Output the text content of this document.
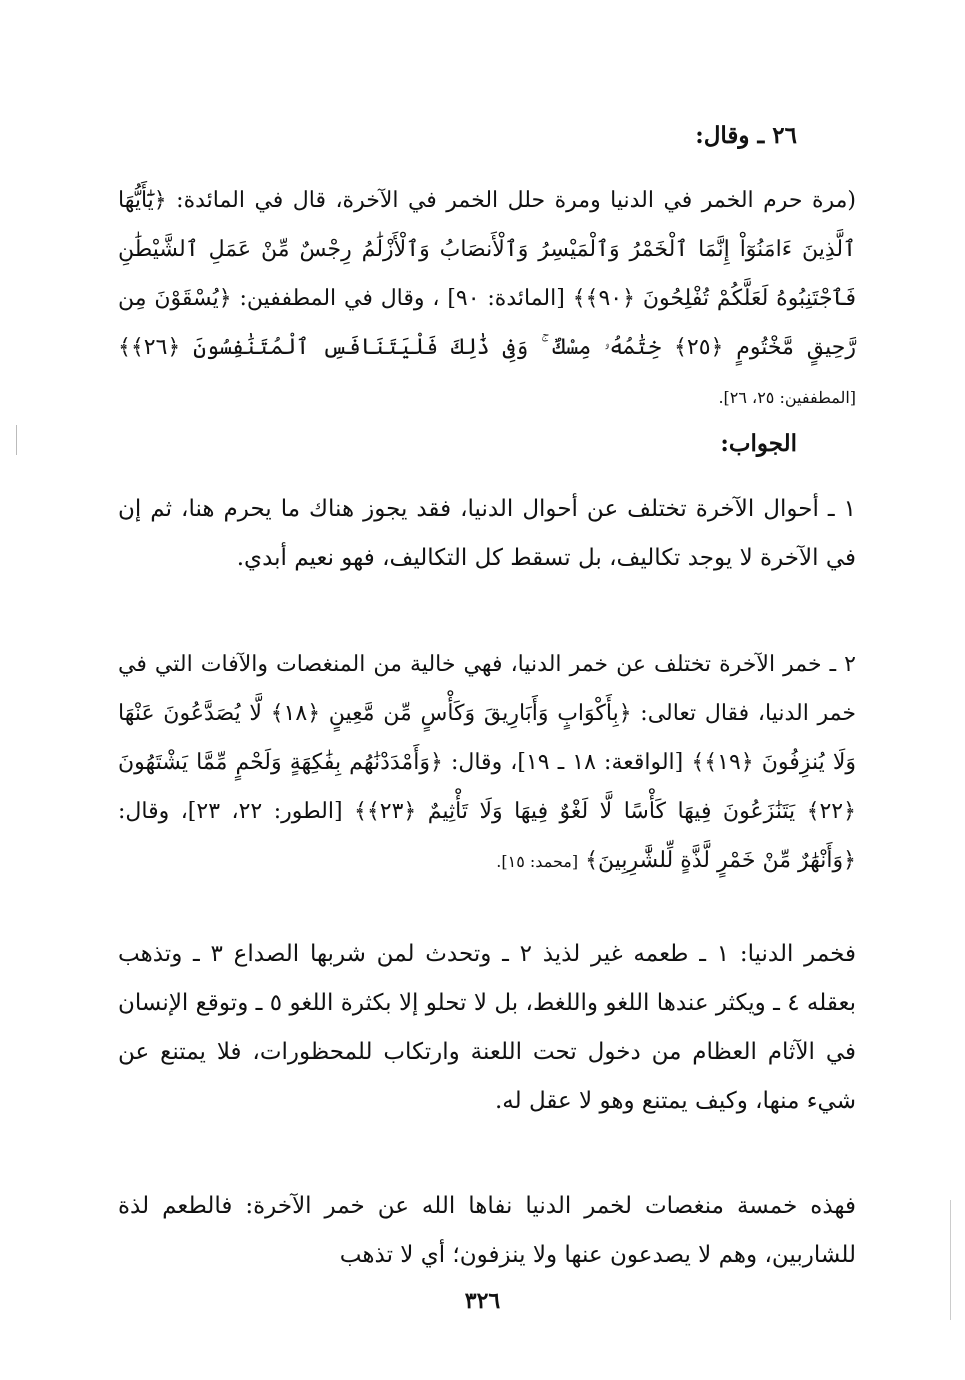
٢٦ ـ وقال:

(مرة حرم الخمر في الدنيا ومرة حلل الخمر في الآخرة، قال في المائدة: ﴿يَٰٓأَيُّهَا ٱلَّذِينَ ءَامَنُوٓاْ إِنَّمَا ٱلْخَمْرُ وَٱلْمَيْسِرُ وَٱلْأَنصَابُ وَٱلْأَزْلَٰمُ رِجْسٌ مِّنْ عَمَلِ ٱلشَّيْطَٰنِ فَٱجْتَنِبُوهُ لَعَلَّكُمْ تُفْلِحُونَ ﴿٩٠﴾﴾ [المائدة: ٩٠] ، وقال في المطففين: ﴿يُسْقَوْنَ مِن رَّحِيقٍ مَّخْتُومٍ ﴿٢٥﴾ خِتَٰمُهُۥ مِسْكٌ ۚ وَفِى ذَٰلِكَ فَلْيَتَنَافَسِ ٱلْمُتَنَٰفِسُونَ ﴿٢٦﴾﴾ [المطففين: ٢٥، ٢٦].

الجواب:

١ ـ أحوال الآخرة تختلف عن أحوال الدنيا، فقد يجوز هناك ما يحرم هنا، ثم إن في الآخرة لا يوجد تكاليف، بل تسقط كل التكاليف، فهو نعيم أبدي.

٢ ـ خمر الآخرة تختلف عن خمر الدنيا، فهي خالية من المنغصات والآفات التي في خمر الدنيا، فقال تعالى: ﴿بِأَكْوَابٍ وَأَبَارِيقَ وَكَأْسٍ مِّن مَّعِينٍ ﴿١٨﴾ لَّا يُصَدَّعُونَ عَنْهَا وَلَا يُنزِفُونَ ﴿١٩﴾﴾ [الواقعة: ١٨ ـ ١٩]، وقال: ﴿وَأَمْدَدْنَٰهُم بِفَٰكِهَةٍ وَلَحْمٍ مِّمَّا يَشْتَهُونَ ﴿٢٢﴾ يَتَنَٰزَعُونَ فِيهَا كَأْسًا لَّا لَغْوٌ فِيهَا وَلَا تَأْثِيمٌ ﴿٢٣﴾﴾ [الطور: ٢٢، ٢٣]، وقال: ﴿وَأَنْهَٰرٌ مِّنْ خَمْرٍ لَّذَّةٍ لِّلشَّٰرِبِينَ﴾ [محمد: ١٥].

فخمر الدنيا: ١ ـ طعمه غير لذيذ ٢ ـ وتحدث لمن شربها الصداع ٣ ـ وتذهب بعقله ٤ ـ ويكثر عندها اللغو واللغط، بل لا تحلو إلا بكثرة اللغو ٥ ـ وتوقع الإنسان في الآثام العظام من دخول تحت اللعنة وارتكاب للمحظورات، فلا يمتنع عن شيء منها، وكيف يمتنع وهو لا عقل له.

فهذه خمسة منغصات لخمر الدنيا نفاها الله عن خمر الآخرة: فالطعم لذة للشاربين، وهم لا يصدعون عنها ولا ينزفون؛ أي لا تذهب

٣٢٦
